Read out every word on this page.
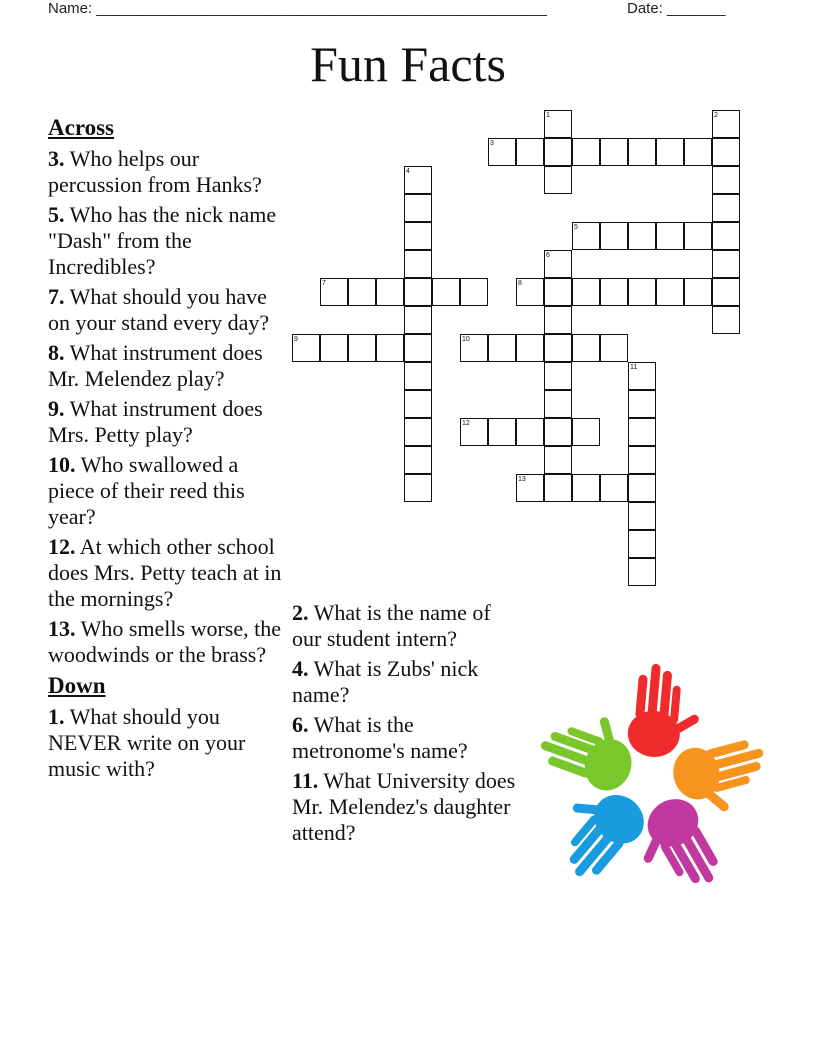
Name: ______________________________________________________	Date: _______
Fun Facts
1	2
3
4
5
6
7	8
9	10
11
12
13
Across
3. Who helps our percussion from Hanks?
5. Who has the nick name "Dash" from the Incredibles?
7. What should you have on your stand every day?
8. What instrument does Mr. Melendez play?
9. What instrument does Mrs. Petty play?
10. Who swallowed a piece of their reed this year?
12. At which other school does Mrs. Petty teach at in the mornings?
13. Who smells worse, the woodwinds or the brass?
Down
1. What should you NEVER write on your music with?
2. What is the name of our student intern?
4. What is Zubs' nick name?
6. What is the metronome's name?
11. What University does Mr. Melendez's daughter attend?
